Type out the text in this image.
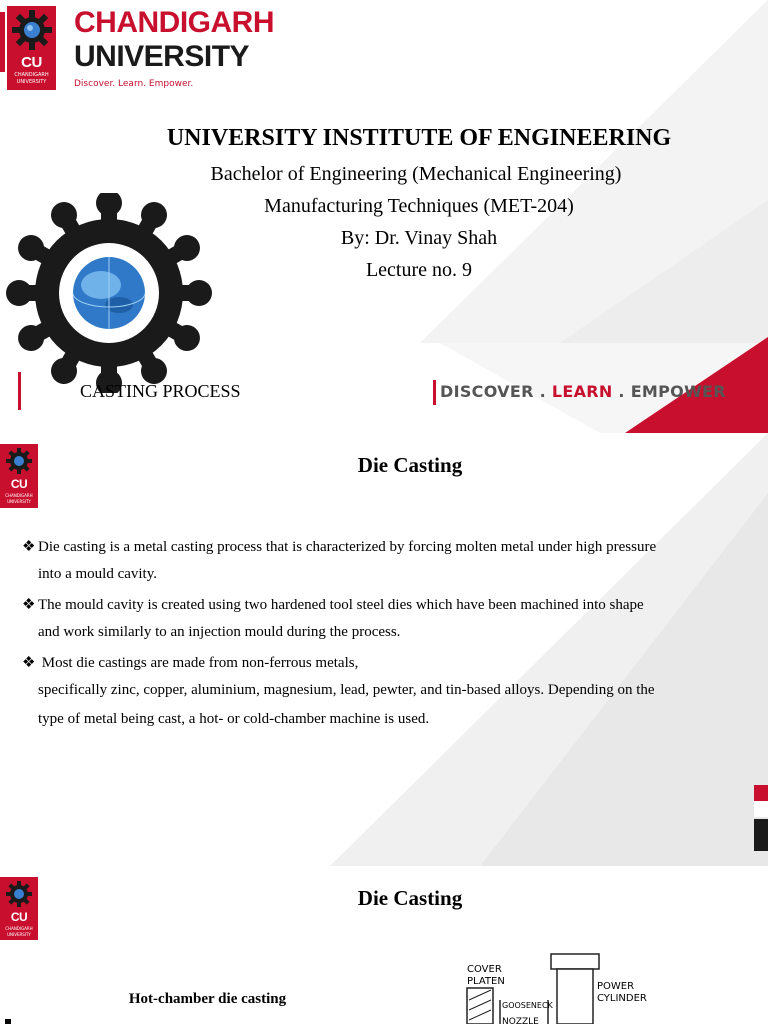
CU
CHANDIGARH
UNIVERSITY
CHANDIGARH
UNIVERSITY
Discover. Learn. Empower.
UNIVERSITY INSTITUTE OF ENGINEERING
Bachelor of Engineering (Mechanical Engineering)
Manufacturing Techniques (MET-204)
By: Dr. Vinay Shah
Lecture no. 9
CASTING PROCESS	DISCOVER . LEARN . EMPOWER
CU
CHANDIGARH
UNIVERSITY
Die Casting
❖ Die casting is a metal casting process that is characterized by forcing molten metal under high pressure
into a mould cavity.
❖ The mould cavity is created using two hardened tool steel dies which have been machined into shape
and work similarly to an injection mould during the process.
❖ Most die castings are made from non-ferrous metals,
specifically zinc, copper, aluminium, magnesium, lead, pewter, and tin-based alloys. Depending on the
type of metal being cast, a hot- or cold-chamber machine is used.
CU
CHANDIGARH
UNIVERSITY
Die Casting
Hot-chamber die casting
COVER
PLATEN	POWER
CYLINDER
GOOSENECK
NOZZLE
